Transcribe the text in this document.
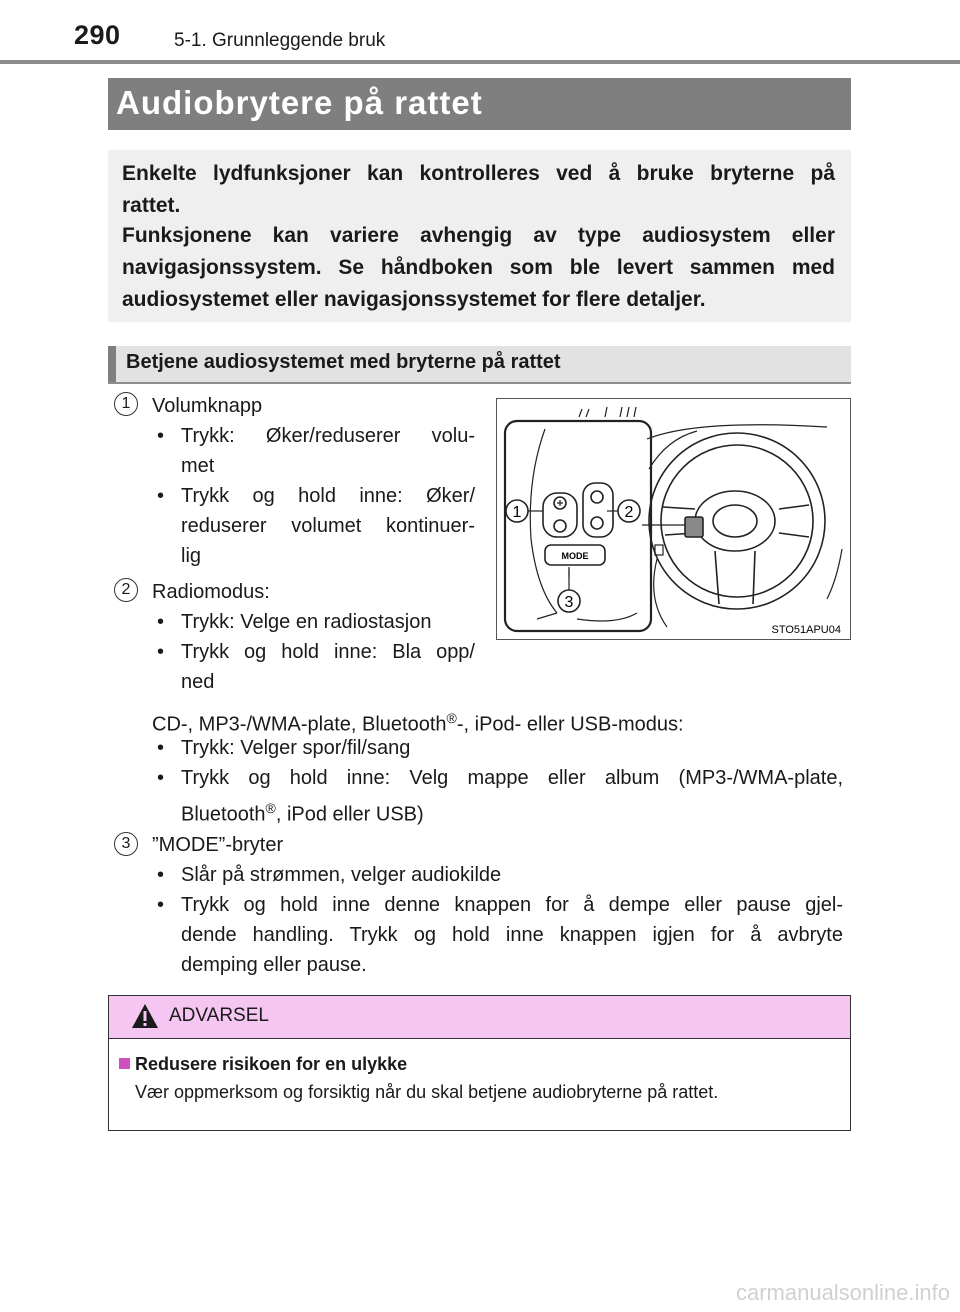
290	5-1. Grunnleggende bruk
Audiobrytere på rattet

Enkelte lydfunksjoner kan kontrolleres ved å bruke bryterne på

rattet.

Funksjonene kan variere avhengig av type audiosystem eller

navigasjonssystem. Se håndboken som ble levert sammen med

audiosystemet eller navigasjonssystemet for flere detaljer.

Betjene audiosystemet med bryterne på rattet
1	Volumknapp
• Trykk: Øker/reduserer volu-
met
• Trykk og hold inne: Øker/
reduserer volumet kontinuer-
lig
2	Radiomodus:
• Trykk: Velge en radiostasjon
• Trykk og hold inne: Bla opp/
ned
CD-, MP3-/WMA-plate, Bluetooth®-, iPod- eller USB-modus:
• Trykk: Velger spor/fil/sang
• Trykk og hold inne: Velg mappe eller album (MP3-/WMA-plate,
Bluetooth®, iPod eller USB)
3	”MODE”-bryter
• Slår på strømmen, velger audiokilde
• Trykk og hold inne denne knappen for å dempe eller pause gjel-
dende handling. Trykk og hold inne knappen igjen for å avbryte
demping eller pause.
1	2
3
MODE
STO51APU04
ADVARSEL
Redusere risikoen for en ulykke
Vær oppmerksom og forsiktig når du skal betjene audiobryterne på rattet.
carmanualsonline.info
